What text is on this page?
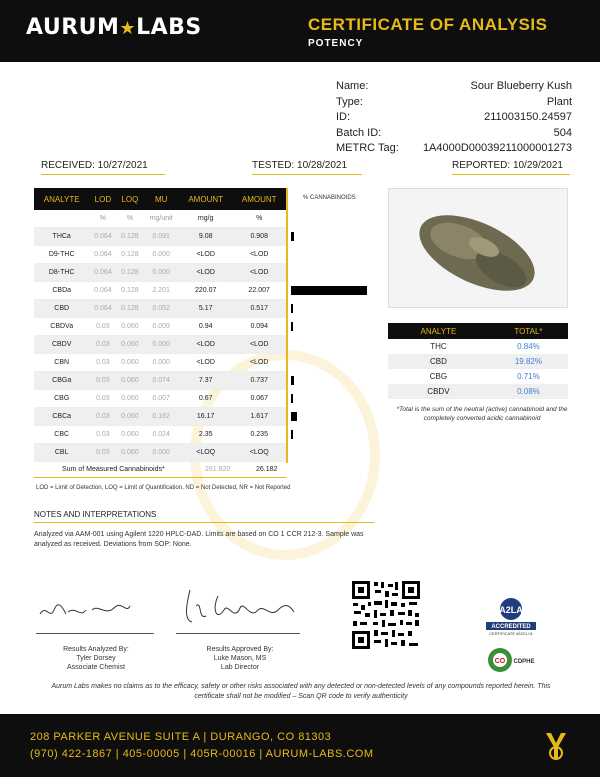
AURUM★LABS	CERTIFICATE OF ANALYSIS
POTENCY
Name:	Sour Blueberry Kush
Type:	Plant
ID:	211003150.24597
Batch ID:	504
METRC Tag: 1A4000D00039211000001273
RECEIVED: 10/27/2021	TESTED: 10/28/2021	REPORTED: 10/29/2021
ANALYTE	LOD	LOQ	MU	AMOUNT	AMOUNT
	%	%	mg/unit	mg/g	%
THCa	0.064	0.128	0.091	9.08	0.908
D9-THC	0.064	0.128	0.000	<LOD	<LOD
D8-THC	0.064	0.128	0.000	<LOD	<LOD
CBDa	0.064	0.128	2.201	220.07	22.007
CBD	0.064	0.128	0.052	5.17	0.517
CBDVa	0.03	0.060	0.009	0.94	0.094
CBDV	0.03	0.060	0.000	<LOD	<LOD
CBN	0.03	0.060	0.000	<LOD	<LOD
CBGa	0.03	0.060	0.074	7.37	0.737
CBG	0.03	0.060	0.007	0.67	0.067
CBCa	0.03	0.060	0.162	16.17	1.617
CBC	0.03	0.060	0.024	2.35	0.235
CBL	0.03	0.060	0.000	<LOQ	<LOQ
% CANNABINOIDS
Sum of Measured Cannabinoids*	261.820	26.182
LOD = Limit of Detection, LOQ = Limit of Quantification, ND = Not Detected, NR = Not Reported
ANALYTE	TOTAL*
THC	0.84%
CBD	19.82%
CBG	0.71%
CBDV	0.08%
*Total is the sum of the neutral (active) cannabinoid and the completely converted acidic cannabinoid
NOTES AND INTERPRETATIONS
Analyzed via AAM-001 using Agilent 1220 HPLC-DAD. Limits are based on CO 1 CCR 212-3. Sample was analyzed as received. Deviations from SOP: None.
Results Analyzed By:
Tyler Dorsey
Associate Chemist
Results Approved By:
Luke Mason, MS
Lab Director
A2LA
ACCREDITED
CERTIFICATE #5221.01
CO CDPHE
Aurum Labs makes no claims as to the efficacy, safety or other risks associated with any detected or non-detected levels of any compounds reported herein. This certificate shall not be modified – Scan QR code to verify authenticity
208 PARKER AVENUE SUITE A | DURANGO, CO 81303
(970) 422-1867 | 405-00005 | 405R-00016 | AURUM-LABS.COM
